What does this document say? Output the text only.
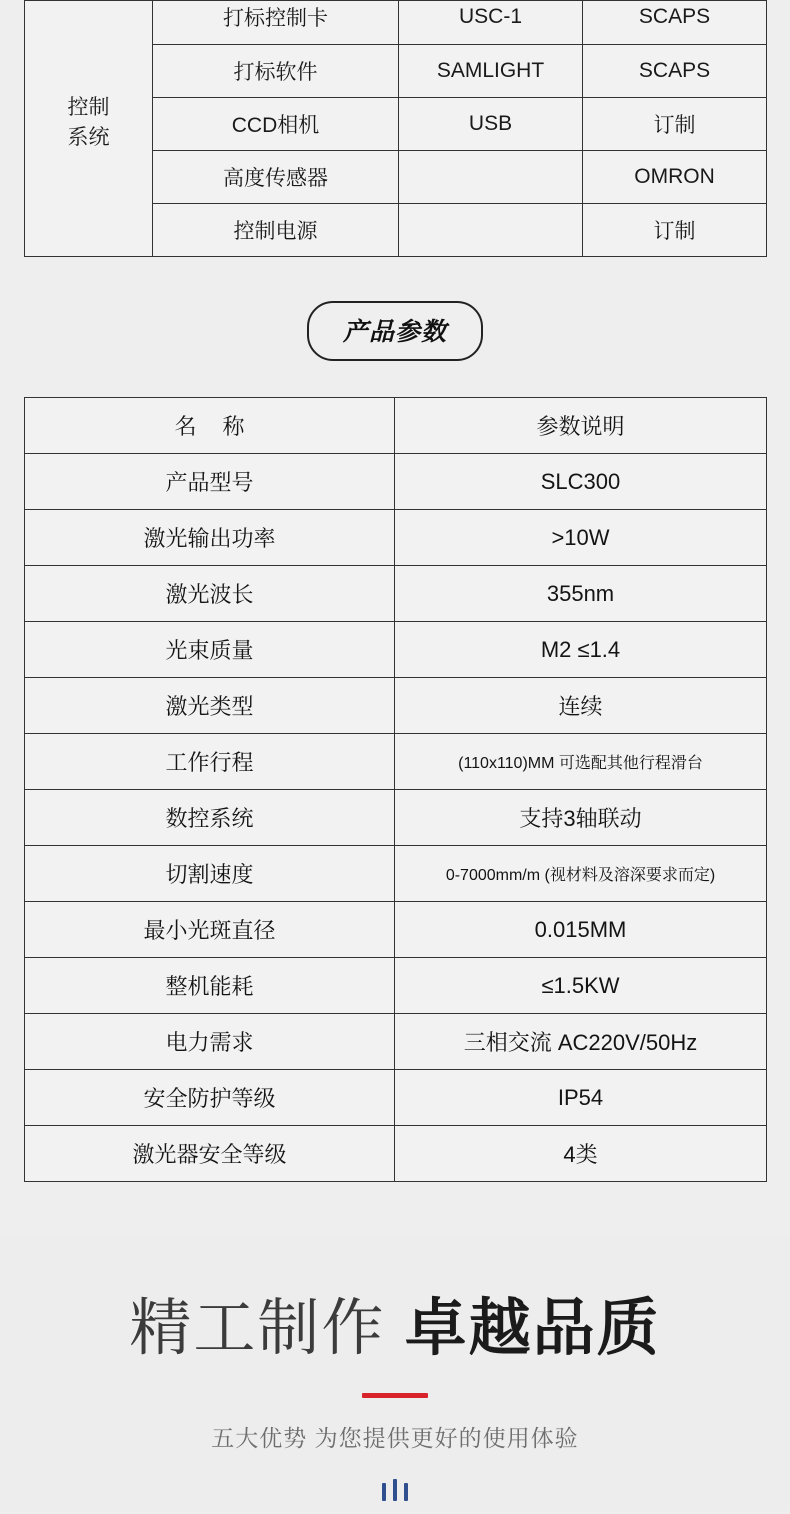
控制
系统	打标控制卡	USC-1	SCAPS
	打标软件	SAMLIGHT	SCAPS
	CCD相机	USB	订制
	高度传感器		OMRON
	控制电源		订制
产品参数
名 称	参数说明
产品型号	SLC300
激光输出功率	>10W
激光波长	355nm
光束质量	M2 ≤1.4
激光类型	连续
工作行程	(110x110)MM 可选配其他行程滑台
数控系统	支持3轴联动
切割速度	0-7000mm/m (视材料及溶深要求而定)
最小光斑直径	0.015MM
整机能耗	≤1.5KW
电力需求	三相交流 AC220V/50Hz
安全防护等级	IP54
激光器安全等级	4类
精工制作 卓越品质
五大优势 为您提供更好的使用体验
